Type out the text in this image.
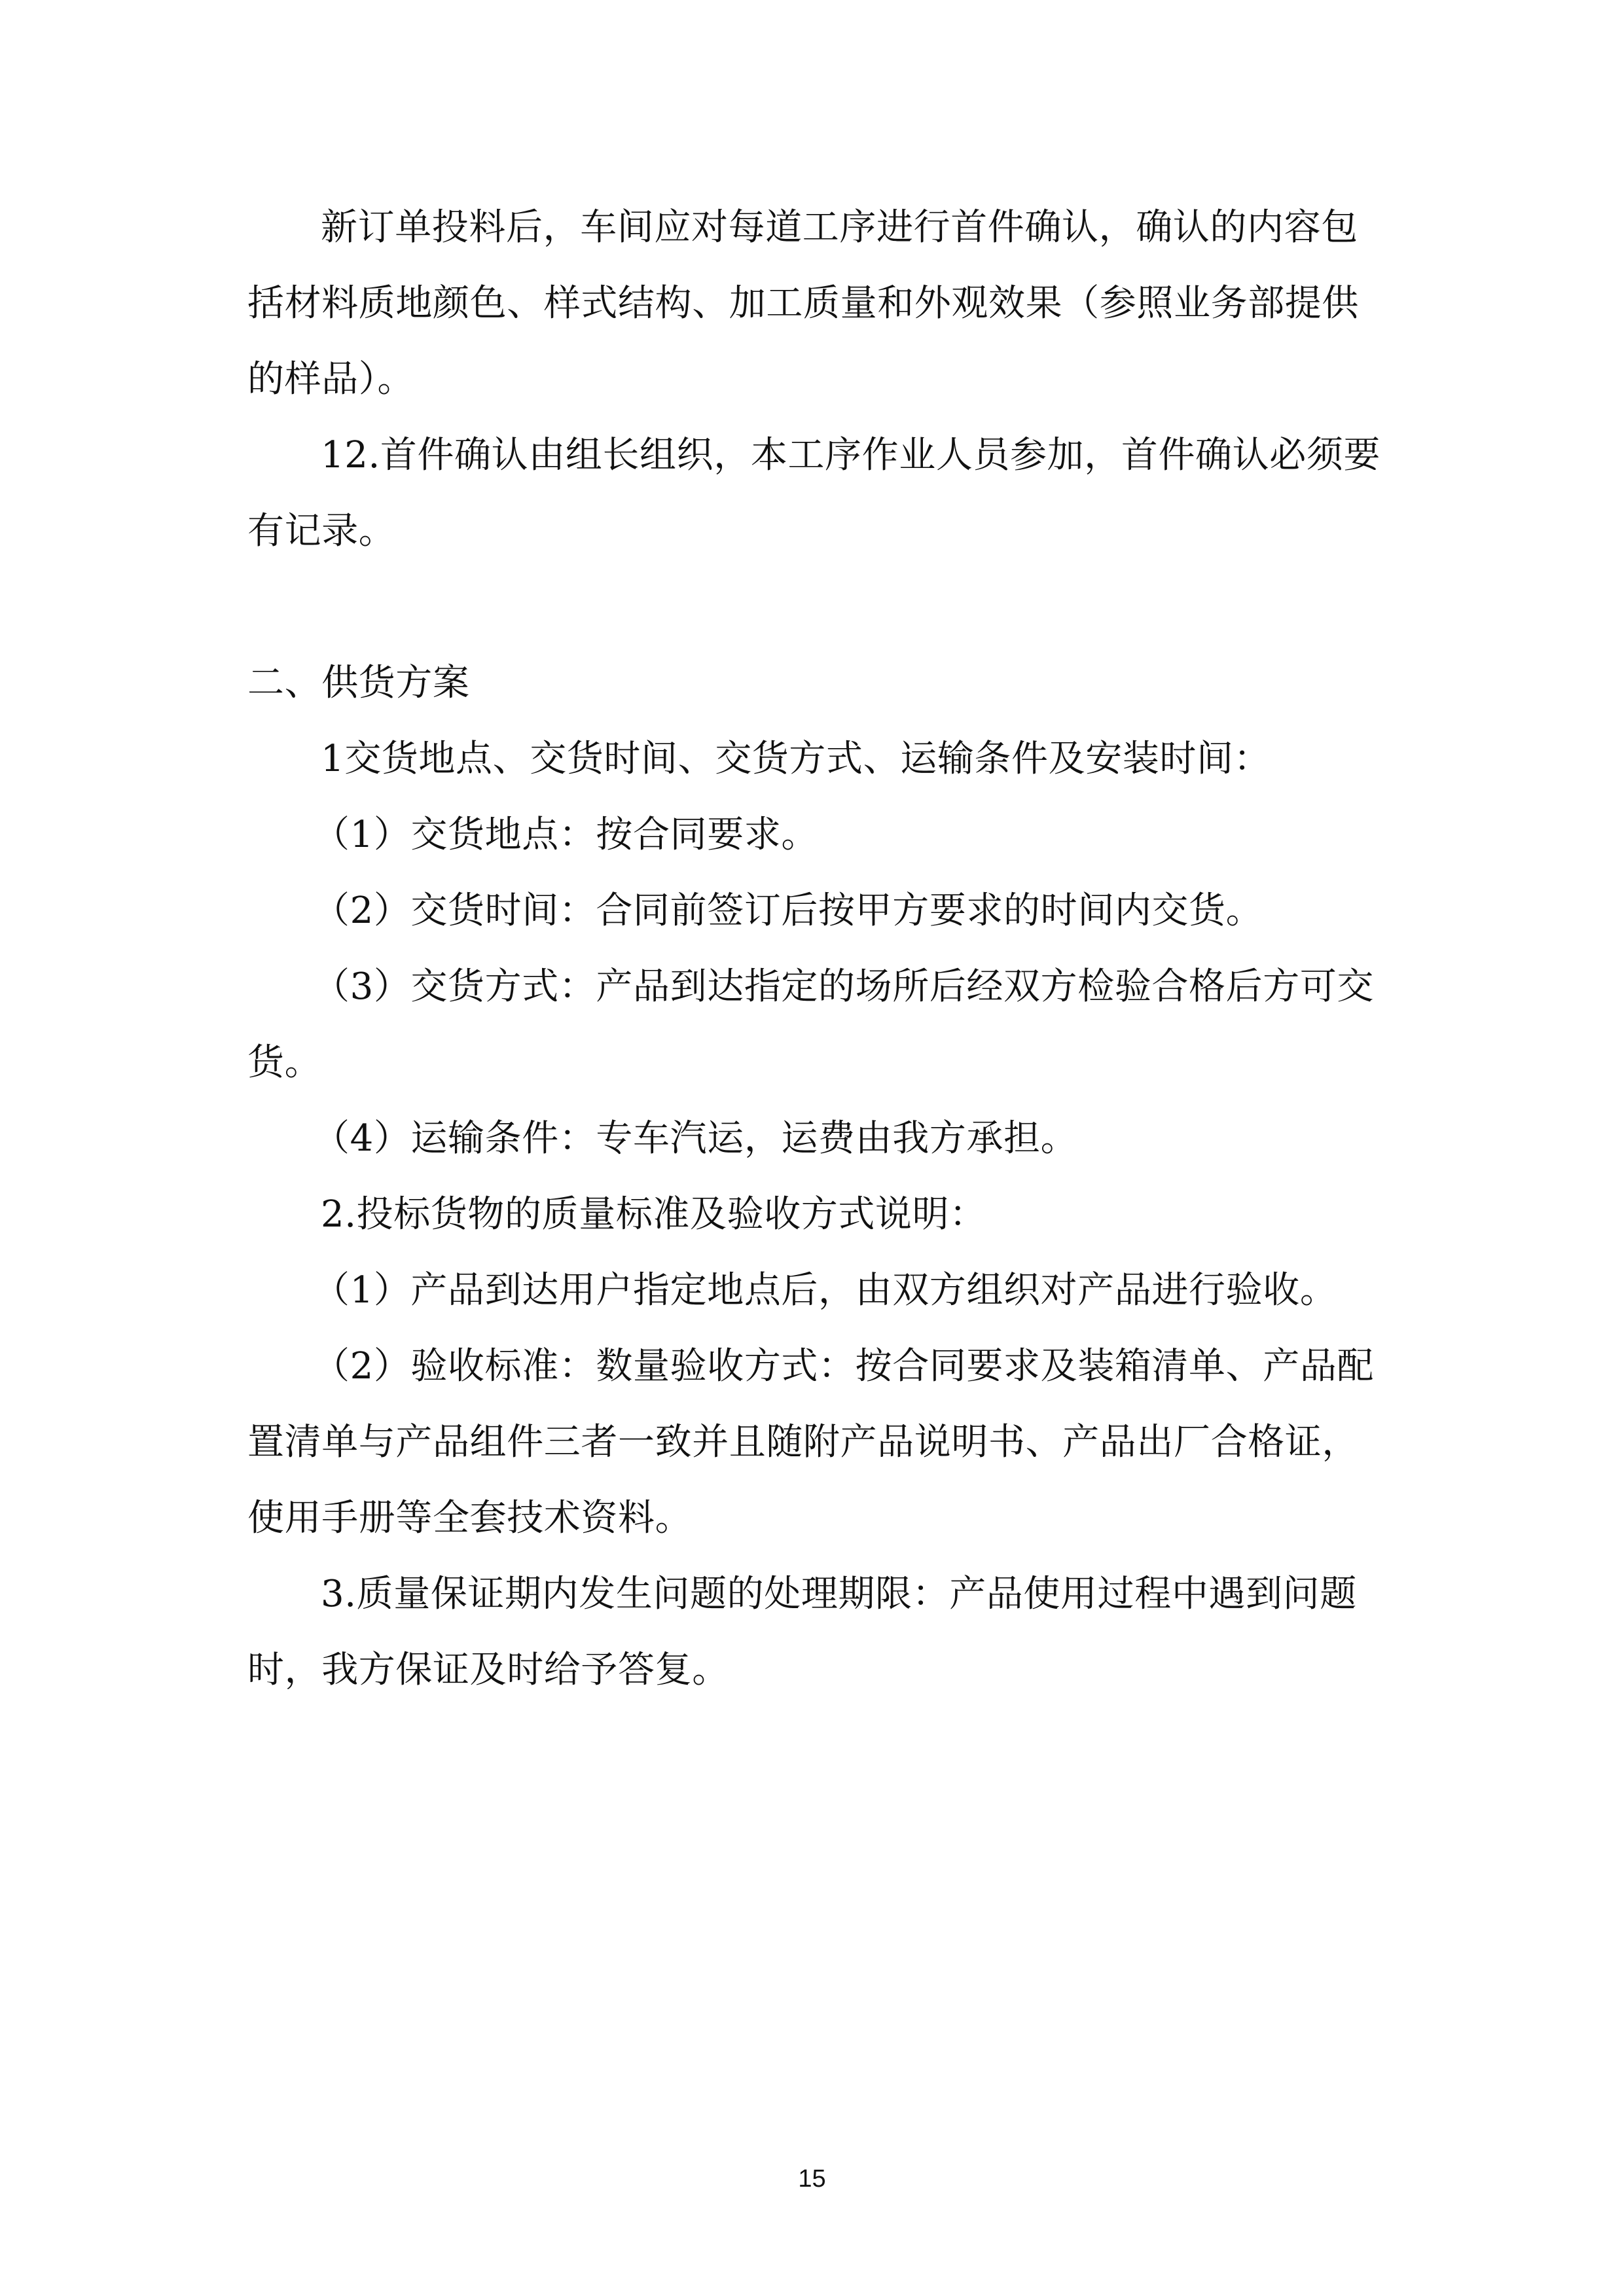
新订单投料后，车间应对每道工序进行首件确认，确认的内容包括材料质地颜色、样式结构、加工质量和外观效果（参照业务部提供的样品）。

12.首件确认由组长组织，本工序作业人员参加，首件确认必须要有记录。

二、供货方案

1交货地点、交货时间、交货方式、运输条件及安装时间：

（1）交货地点：按合同要求。

（2）交货时间：合同前签订后按甲方要求的时间内交货。

（3）交货方式：产品到达指定的场所后经双方检验合格后方可交货。

（4）运输条件：专车汽运，运费由我方承担。

2.投标货物的质量标准及验收方式说明：

（1）产品到达用户指定地点后，由双方组织对产品进行验收。

（2）验收标准：数量验收方式：按合同要求及装箱清单、产品配置清单与产品组件三者一致并且随附产品说明书、产品出厂合格证，使用手册等全套技术资料。

3.质量保证期内发生问题的处理期限：产品使用过程中遇到问题时，我方保证及时给予答复。

15
